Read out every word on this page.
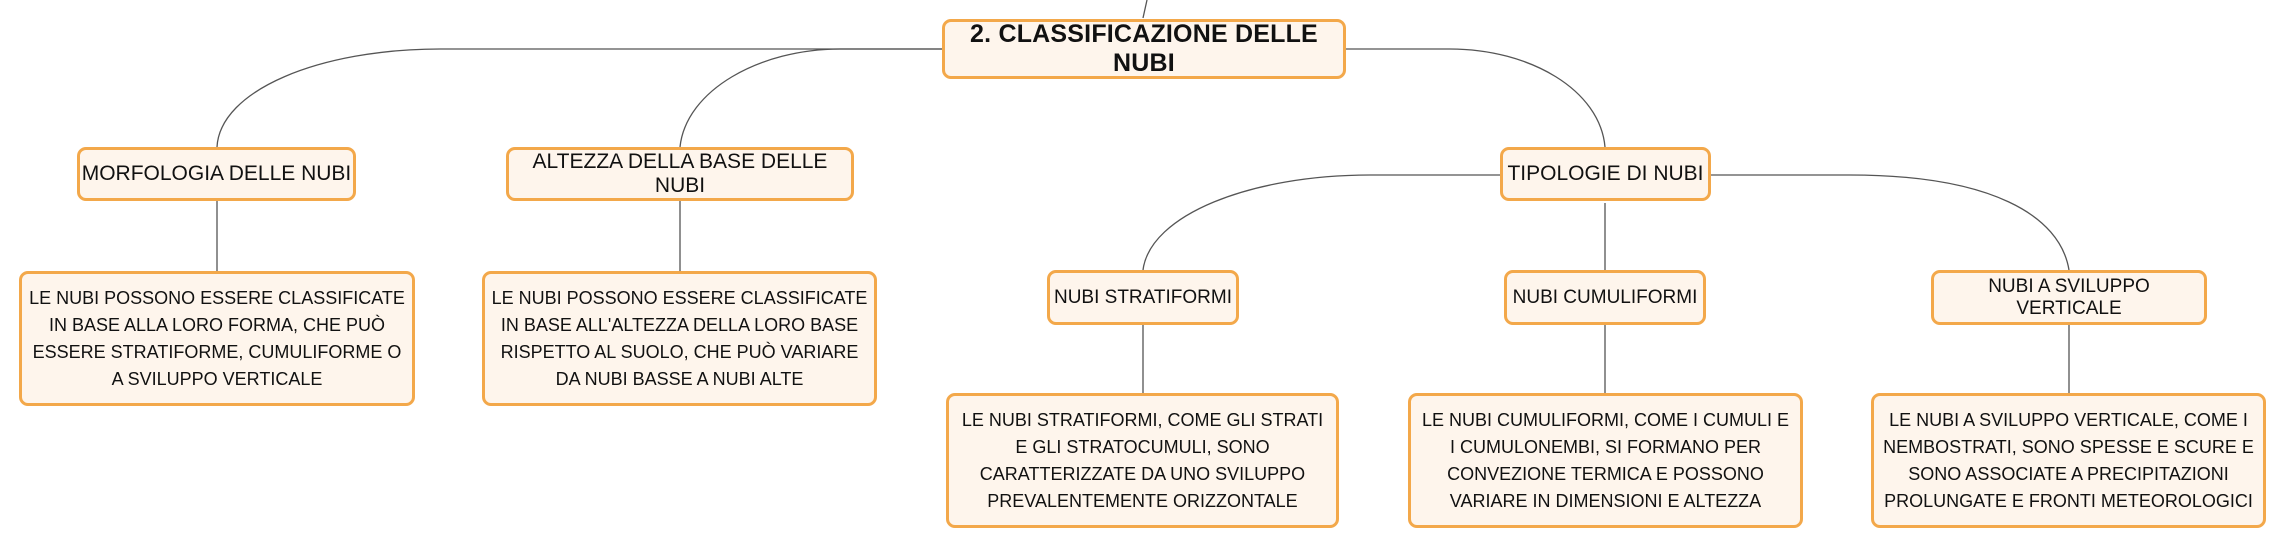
2. CLASSIFICAZIONE DELLE NUBI
MORFOLOGIA DELLE NUBI
ALTEZZA DELLA BASE DELLE NUBI
TIPOLOGIE DI NUBI
LE NUBI POSSONO ESSERE CLASSIFICATE IN BASE ALLA LORO FORMA, CHE PUÒ ESSERE STRATIFORME, CUMULIFORME O A SVILUPPO VERTICALE
LE NUBI POSSONO ESSERE CLASSIFICATE IN BASE ALL'ALTEZZA DELLA LORO BASE RISPETTO AL SUOLO, CHE PUÒ VARIARE DA NUBI BASSE A NUBI ALTE
NUBI STRATIFORMI	NUBI CUMULIFORMI
NUBI A SVILUPPO VERTICALE
LE NUBI STRATIFORMI, COME GLI STRATI E GLI STRATOCUMULI, SONO CARATTERIZZATE DA UNO SVILUPPO PREVALENTEMENTE ORIZZONTALE
LE NUBI CUMULIFORMI, COME I CUMULI E I CUMULONEMBI, SI FORMANO PER CONVEZIONE TERMICA E POSSONO VARIARE IN DIMENSIONI E ALTEZZA
LE NUBI A SVILUPPO VERTICALE, COME I NEMBOSTRATI, SONO SPESSE E SCURE E SONO ASSOCIATE A PRECIPITAZIONI PROLUNGATE E FRONTI METEOROLOGICI
